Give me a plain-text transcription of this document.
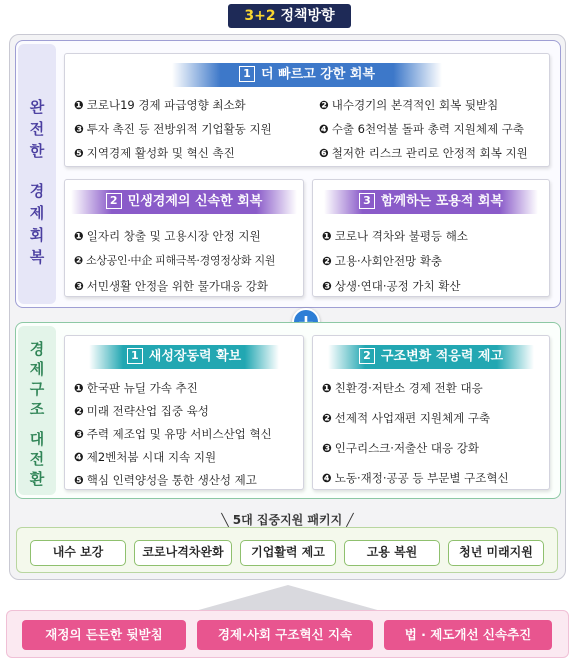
3+2 정책방향
완
전
한
경
제
회
복
1 더 빠르고 강한 회복
❶ 코로나19 경제 파급영향 최소화	❷ 내수경기의 본격적인 회복 뒷받침
❸ 투자 촉진 등 전방위적 기업활동 지원	❹ 수출 6천억불 돌파 총력 지원체제 구축
❺ 지역경제 활성화 및 혁신 촉진	❻ 철저한 리스크 관리로 안정적 회복 지원
2 민생경제의 신속한 회복
❶ 일자리 창출 및 고용시장 안정 지원
❷ 소상공인·中企 피해극복·경영정상화 지원
❸ 서민생활 안정을 위한 물가대응 강화
3 함께하는 포용적 회복
❶ 코로나 격차와 불평등 해소
❷ 고용·사회안전망 확충
❸ 상생·연대·공정 가치 확산
경
제
구
조
대
전
환
1 새성장동력 확보
❶ 한국판 뉴딜 가속 추진
❷ 미래 전략산업 집중 육성
❸ 주력 제조업 및 유망 서비스산업 혁신
❹ 제2벤처붐 시대 지속 지원
❺ 핵심 인력양성을 통한 생산성 제고
2 구조변화 적응력 제고
❶ 친환경·저탄소 경제 전환 대응
❷ 선제적 사업재편 지원체계 구축
❸ 인구리스크·저출산 대응 강화
❹ 노동·재정·공공 등 부문별 구조혁신
╲ 5대 집중지원 패키지 ╱
내수 보강	코로나격차완화	기업활력 제고	고용 복원	청년 미래지원
재정의 든든한 뒷받침	경제·사회 구조혁신 지속	법 · 제도개선 신속추진
